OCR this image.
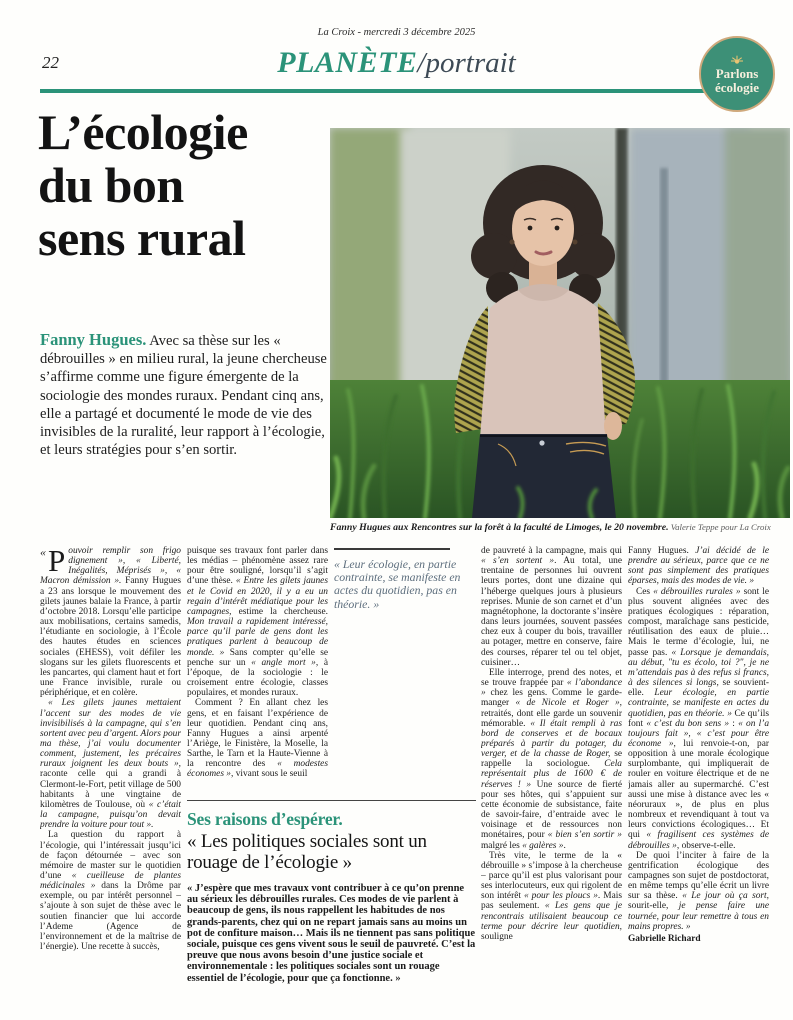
La Croix - mercredi 3 décembre 2025
22	PLANÈTE/portrait	Parlons
écologie
L’écologie
du bon
sens rural
Fanny Hugues. Avec sa thèse sur les « débrouilles » en milieu rural, la jeune chercheuse s’affirme comme une figure émergente de la sociologie des mondes ruraux. Pendant cinq ans, elle a partagé et documenté le mode de vie des invisibles de la ruralité, leur rapport à l’écologie, et leurs stratégies pour s’en sortir.
Fanny Hugues aux Rencontres sur la forêt à la faculté de Limoges, le 20 novembre. Valerie Teppe pour La Croix

« P ouvoir remplir son frigo dignement », « Liberté, Inégalités, Méprisés », « Macron démission ». Fanny Hugues a 23 ans lorsque le mouvement des gilets jaunes balaie la France, à partir d’octobre 2018. Lorsqu’elle participe aux mobilisations, certains samedis, l’étudiante en sociologie, à l’École des hautes études en sciences sociales (EHESS), voit défiler les slogans sur les gilets fluorescents et les pancartes, qui clament haut et fort une France invisible, rurale ou périphérique, et en colère.

« Les gilets jaunes mettaient l’accent sur des modes de vie invisibilisés à la campagne, qui s’en sortent avec peu d’argent. Alors pour ma thèse, j’ai voulu documenter comment, justement, les précaires ruraux joignent les deux bouts », raconte celle qui a grandi à Clermont-le-Fort, petit village de 500 habitants à une vingtaine de kilomètres de Toulouse, où « c’était la campagne, puisqu’on devait prendre la voiture pour tout ».

La question du rapport à l’écologie, qui l’intéressait jusqu’ici de façon détournée – avec son mémoire de master sur le quotidien d’une « cueilleuse de plantes médicinales » dans la Drôme par exemple, ou par intérêt personnel – s’ajoute à son sujet de thèse avec le soutien financier que lui accorde l’Ademe (Agence de l’environnement et de la maîtrise de l’énergie). Une recette à succès,

puisque ses travaux font parler dans les médias – phénomène assez rare pour être souligné, lorsqu’il s’agit d’une thèse. « Entre les gilets jaunes et le Covid en 2020, il y a eu un regain d’intérêt médiatique pour les campagnes, estime la chercheuse. Mon travail a rapidement intéressé, parce qu’il parle de gens dont les pratiques parlent à beaucoup de monde. » Sans compter qu’elle se penche sur un « angle mort », à l’époque, de la sociologie : le croisement entre écologie, classes populaires, et mondes ruraux.

Comment ? En allant chez les gens, et en faisant l’expérience de leur quotidien. Pendant cinq ans, Fanny Hugues a ainsi arpenté l’Ariège, le Finistère, la Moselle, la Sarthe, le Tarn et la Haute-Vienne à la rencontre des « modestes économes », vivant sous le seuil

« Leur écologie, en partie contrainte, se manifeste en actes du quotidien, pas en théorie. »
Ses raisons d’espérer.
« Les politiques sociales sont un rouage de l’écologie »
« J’espère que mes travaux vont contribuer à ce qu’on prenne au sérieux les débrouilles rurales. Ces modes de vie parlent à beaucoup de gens, ils nous rappellent les habitudes de nos grands-parents, chez qui on ne repart jamais sans au moins un pot de confiture maison… Mais ils ne tiennent pas sans politique sociale, puisque ces gens vivent sous le seuil de pauvreté. C’est la preuve que nous avons besoin d’une justice sociale et environnementale : les politiques sociales sont un rouage essentiel de l’écologie, pour que ça fonctionne. »

de pauvreté à la campagne, mais qui « s’en sortent ». Au total, une trentaine de personnes lui ouvrent leurs portes, dont une dizaine qui l’héberge quelques jours à plusieurs reprises. Munie de son carnet et d’un magnétophone, la doctorante s’insère dans leurs journées, souvent passées chez eux à couper du bois, travailler au potager, mettre en conserve, faire des courses, réparer tel ou tel objet, cuisiner…

Elle interroge, prend des notes, et se trouve frappée par « l’abondance » chez les gens. Comme le garde-manger « de Nicole et Roger », retraités, dont elle garde un souvenir mémorable. « Il était rempli à ras bord de conserves et de bocaux préparés à partir du potager, du verger, et de la chasse de Roger, se rappelle la sociologue. Cela représentait plus de 1600 € de réserves ! » Une source de fierté pour ses hôtes, qui s’appuient sur cette économie de subsistance, faite de savoir-faire, d’entraide avec le voisinage et de ressources non monétaires, pour « bien s’en sortir » malgré les « galères ».

Très vite, le terme de la « débrouille » s’impose à la chercheuse – parce qu’il est plus valorisant pour ses interlocuteurs, eux qui rigolent de son intérêt « pour les ploucs ». Mais pas seulement. « Les gens que je rencontrais utilisaient beaucoup ce terme pour décrire leur quotidien, souligne

Fanny Hugues. J’ai décidé de le prendre au sérieux, parce que ce ne sont pas simplement des pratiques éparses, mais des modes de vie. »

Ces « débrouilles rurales » sont le plus souvent alignées avec des pratiques écologiques : réparation, compost, maraîchage sans pesticide, réutilisation des eaux de pluie… Mais le terme d’écologie, lui, ne passe pas. « Lorsque je demandais, au début, "tu es écolo, toi ?", je ne m’attendais pas à des refus si francs, à des silences si longs, se souvient-elle. Leur écologie, en partie contrainte, se manifeste en actes du quotidien, pas en théorie. » Ce qu’ils font « c’est du bon sens » : « on l’a toujours fait », « c’est pour être économe », lui renvoie-t-on, par opposition à une morale écologique surplombante, qui impliquerait de rouler en voiture électrique et de ne jamais aller au supermarché. C’est aussi une mise à distance avec les « néoruraux », de plus en plus nombreux et revendiquant à tout va leurs convictions écologiques… Et qui « fragilisent ces systèmes de débrouilles », observe-t-elle.

De quoi l’inciter à faire de la gentrification écologique des campagnes son sujet de postdoctorat, en même temps qu’elle écrit un livre sur sa thèse. « Le jour où ça sort, sourit-elle, je pense faire une tournée, pour leur remettre à tous en mains propres. »

Gabrielle Richard
